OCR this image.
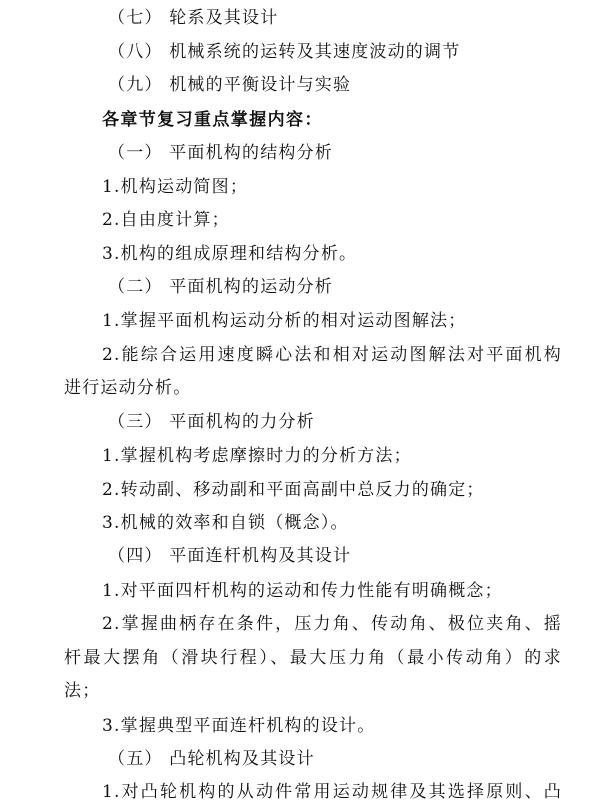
（七） 轮系及其设计
（八） 机械系统的运转及其速度波动的调节
（九） 机械的平衡设计与实验
各章节复习重点掌握内容：
（一） 平面机构的结构分析
1.机构运动简图；
2.自由度计算；
3.机构的组成原理和结构分析。
（二） 平面机构的运动分析
1.掌握平面机构运动分析的相对运动图解法；
2.能综合运用速度瞬心法和相对运动图解法对平面机构
进行运动分析。
（三） 平面机构的力分析
1.掌握机构考虑摩擦时力的分析方法；
2.转动副、移动副和平面高副中总反力的确定；
3.机械的效率和自锁（概念）。
（四） 平面连杆机构及其设计
1.对平面四杆机构的运动和传力性能有明确概念；
2.掌握曲柄存在条件，压力角、传动角、极位夹角、摇
杆最大摆角（滑块行程）、最大压力角（最小传动角）的求
法；
3.掌握典型平面连杆机构的设计。
（五） 凸轮机构及其设计
1.对凸轮机构的从动件常用运动规律及其选择原则、凸
